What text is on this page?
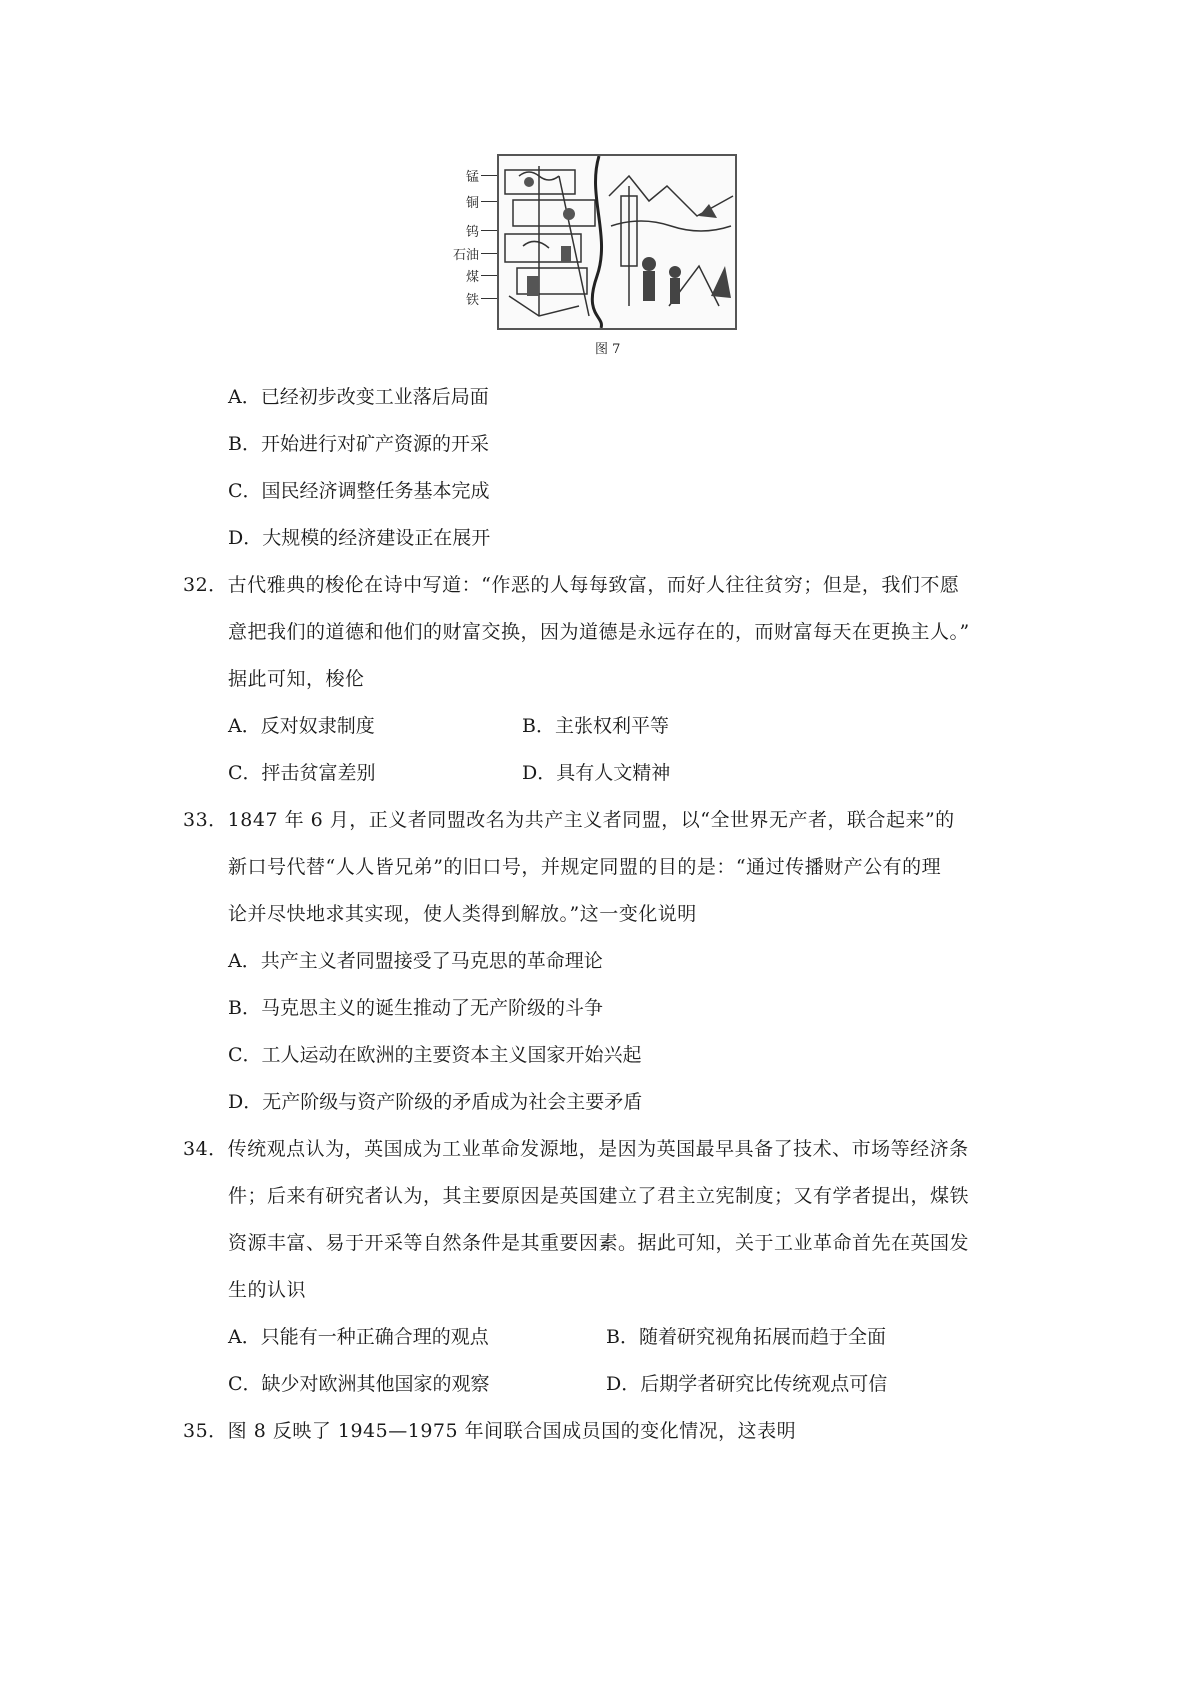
锰
铜
钨
石油
煤
铁
图 7
A．已经初步改变工业落后局面
B．开始进行对矿产资源的开采
C．国民经济调整任务基本完成
D．大规模的经济建设正在展开
32．古代雅典的梭伦在诗中写道：“作恶的人每每致富，而好人往往贫穷；但是，我们不愿
意把我们的道德和他们的财富交换，因为道德是永远存在的，而财富每天在更换主人。”
据此可知，梭伦
A．反对奴隶制度	B．主张权利平等
C．抨击贫富差别	D．具有人文精神
33．1847 年 6 月，正义者同盟改名为共产主义者同盟，以“全世界无产者，联合起来”的
新口号代替“人人皆兄弟”的旧口号，并规定同盟的目的是：“通过传播财产公有的理
论并尽快地求其实现，使人类得到解放。”这一变化说明
A．共产主义者同盟接受了马克思的革命理论
B．马克思主义的诞生推动了无产阶级的斗争
C．工人运动在欧洲的主要资本主义国家开始兴起
D．无产阶级与资产阶级的矛盾成为社会主要矛盾
34．传统观点认为，英国成为工业革命发源地，是因为英国最早具备了技术、市场等经济条
件；后来有研究者认为，其主要原因是英国建立了君主立宪制度；又有学者提出，煤铁
资源丰富、易于开采等自然条件是其重要因素。据此可知，关于工业革命首先在英国发
生的认识
A．只能有一种正确合理的观点	B．随着研究视角拓展而趋于全面
C．缺少对欧洲其他国家的观察	D．后期学者研究比传统观点可信
35．图 8 反映了 1945—1975 年间联合国成员国的变化情况，这表明
